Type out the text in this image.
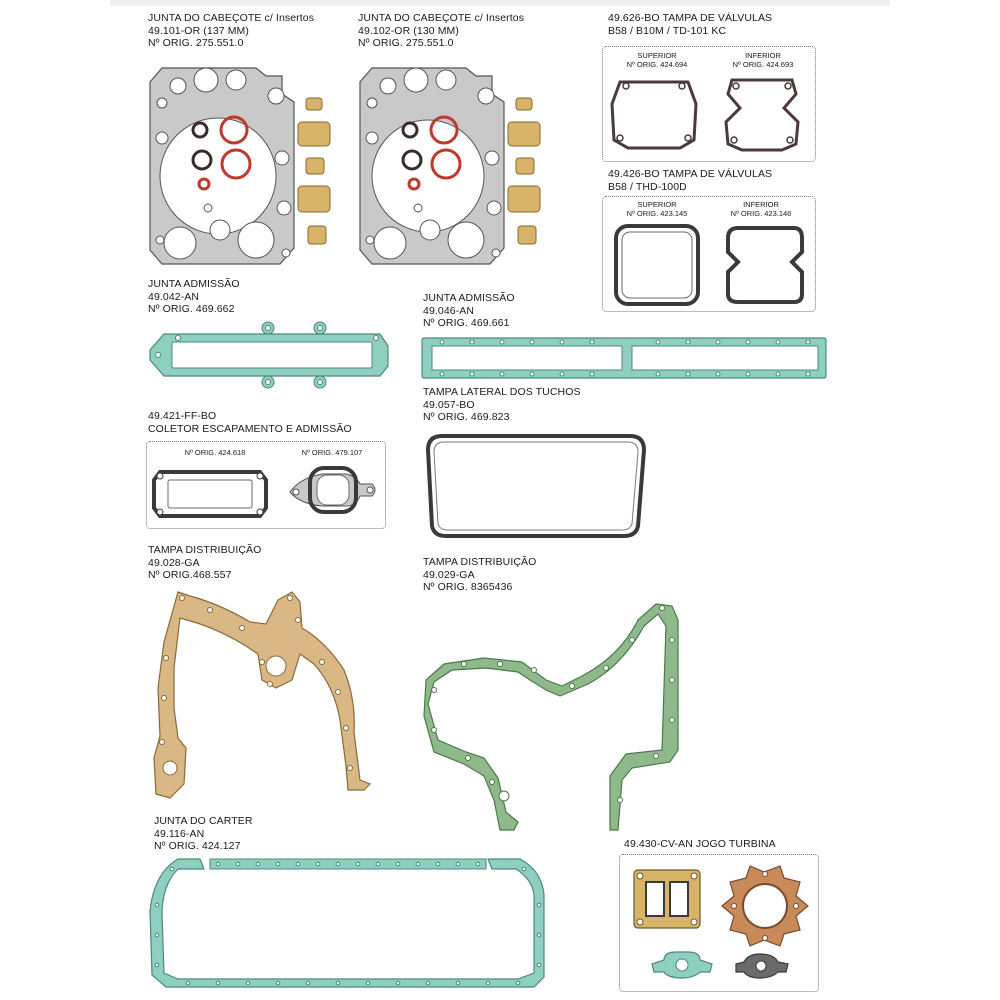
JUNTA DO CABEÇOTE c/ Insertos
49.101-OR (137 MM)
Nº ORIG. 275.551.0
JUNTA DO CABEÇOTE c/ Insertos
49.102-OR (130 MM)
Nº ORIG. 275.551.0
49.626-BO TAMPA DE VÁLVULAS
B58 / B10M / TD-101 KC
SUPERIOR
Nº ORIG. 424.694
INFERIOR
Nº ORIG. 424.693
49.426-BO TAMPA DE VÁLVULAS
B58 / THD-100D
SUPERIOR
Nº ORIG. 423.145
INFERIOR
Nº ORIG. 423.146
JUNTA ADMISSÃO
49.042-AN
Nº ORIG. 469.662
JUNTA ADMISSÃO
49.046-AN
Nº ORIG. 469.661
TAMPA LATERAL DOS TUCHOS
49.057-BO
Nº ORIG. 469.823
49.421-FF-BO
COLETOR ESCAPAMENTO E ADMISSÃO
Nº ORIG. 424.618	Nº ORIG. 479.107
TAMPA DISTRIBUIÇÃO
49.028-GA
Nº ORIG.468.557
TAMPA DISTRIBUIÇÃO
49.029-GA
Nº ORIG. 8365436
JUNTA DO CARTER
49.116-AN
Nº ORIG. 424.127	49.430-CV-AN JOGO TURBINA
